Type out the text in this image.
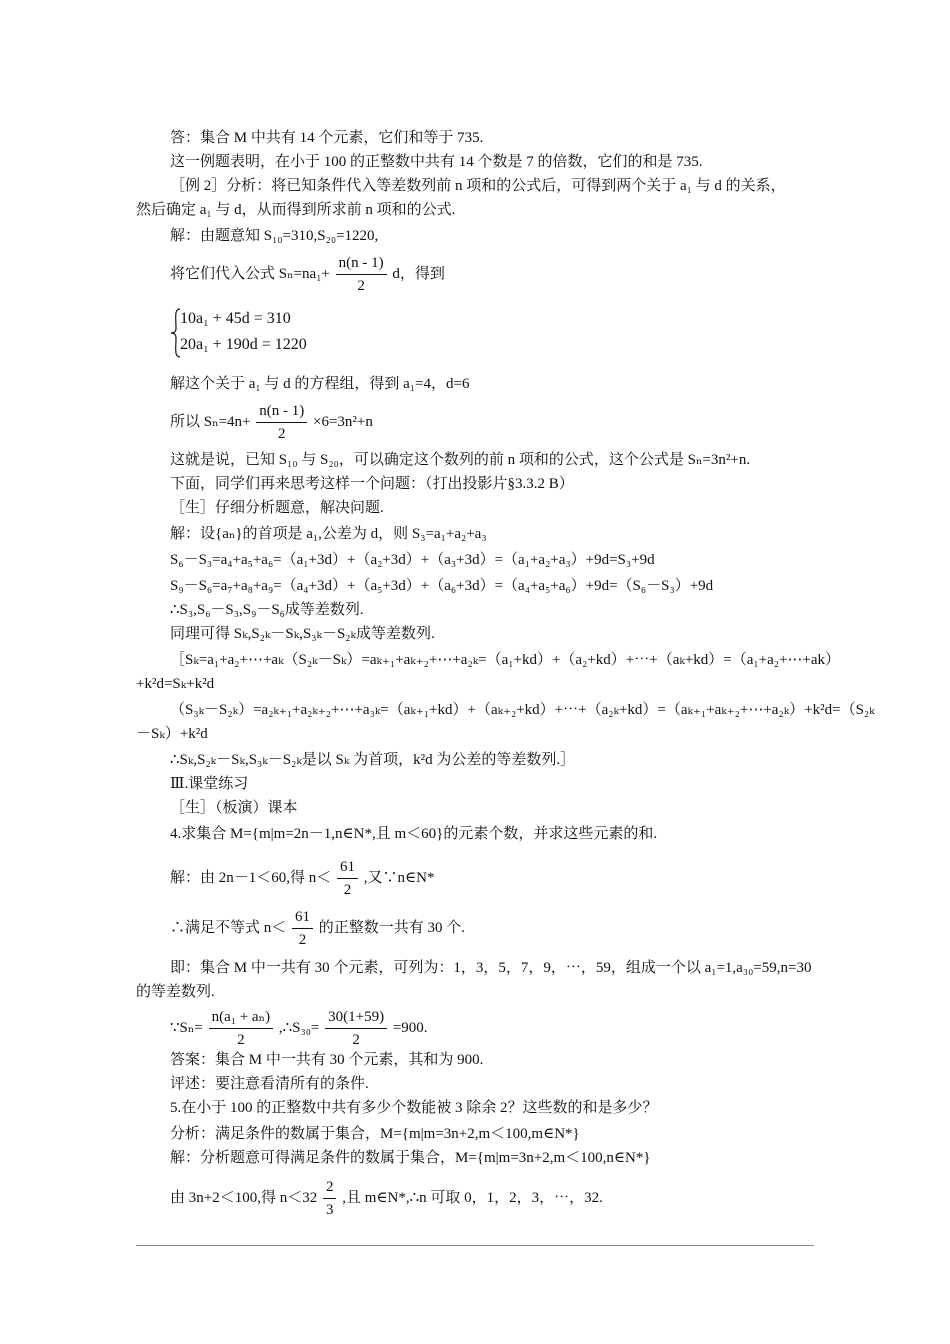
答：集合 M 中共有 14 个元素，它们和等于 735.
这一例题表明，在小于 100 的正整数中共有 14 个数是 7 的倍数，它们的和是 735.
［例 2］分析：将已知条件代入等差数列前 n 项和的公式后，可得到两个关于 a₁ 与 d 的关系，
然后确定 a₁ 与 d，从而得到所求前 n 项和的公式.
解：由题意知 S₁₀=310,S₂₀=1220,
将它们代入公式 $S_n=na_1+ \frac{n(n - 1)}{2}$ d，得到
10a₁ + 45d = 310
20a₁ + 190d = 1220
解这个关于 a₁ 与 d 的方程组，得到 a₁=4，d=6
所以 $S_n=4n+ \frac{n(n - 1)}{2} \times 6=3n^2+n$
这就是说，已知 S₁₀ 与 S₂₀，可以确定这个数列的前 n 项和的公式，这个公式是 Sₙ=3n²+n.
下面，同学们再来思考这样一个问题：（打出投影片§3.3.2 B）
［生］仔细分析题意，解决问题.
解：设{aₙ}的首项是 a₁,公差为 d，则 S₃=a₁+a₂+a₃
S₆－S₃=a₄+a₅+a₆=（a₁+3d）+（a₂+3d）+（a₃+3d）=（a₁+a₂+a₃）+9d=S₃+9d
S₉－S₆=a₇+a₈+a₉=（a₄+3d）+（a₅+3d）+（a₆+3d）=（a₄+a₅+a₆）+9d=（S₆－S₃）+9d
∴S₃,S₆－S₃,S₉－S₆成等差数列.
同理可得 Sₖ,S₂ₖ－Sₖ,S₃ₖ－S₂ₖ成等差数列.
［Sₖ=a₁+a₂+⋯+aₖ（S₂ₖ－Sₖ）=aₖ₊₁+aₖ₊₂+⋯+a₂ₖ=（a₁+kd）+（a₂+kd）+⋯+（aₖ+kd）=（a₁+a₂+⋯+ak）
+k²d=Sₖ+k²d
（S₃ₖ－S₂ₖ）=a₂ₖ₊₁+a₂ₖ₊₂+⋯+a₃ₖ=（aₖ₊₁+kd）+（aₖ₊₂+kd）+⋯+（a₂ₖ+kd）=（aₖ₊₁+aₖ₊₂+⋯+a₂ₖ）+k²d=（S₂ₖ
－Sₖ）+k²d
∴Sₖ,S₂ₖ－Sₖ,S₃ₖ－S₂ₖ是以 Sₖ 为首项，k²d 为公差的等差数列.］
Ⅲ.课堂练习
［生］（板演）课本
4.求集合 M={m|m=2n－1,n∈N*,且 m＜60}的元素个数，并求这些元素的和.
解：由 2n－1＜60,得 $n< \frac{61}{2}$ ,又∵n∈N*
∴满足不等式 $n< \frac{61}{2}$ 的正整数一共有 30 个.
即：集合 M 中一共有 30 个元素，可列为：1，3，5，7，9，⋯，59，组成一个以 a₁=1,a₃₀=59,n=30
的等差数列.
∵Sₙ= $\frac{\text{n(a₁ + aₙ)}}{2}$ ,∴S₃₀= $\frac{30(1+59)}{2} =900$.
答案：集合 M 中一共有 30 个元素，其和为 900.
评述：要注意看清所有的条件.
5.在小于 100 的正整数中共有多少个数能被 3 除余 2？这些数的和是多少？
分析：满足条件的数属于集合，M={m|m=3n+2,m＜100,m∈N*}
解：分析题意可得满足条件的数属于集合，M={m|m=3n+2,m＜100,n∈N*}
由 3n+2＜100,得 $n<32 \frac{2}{3}$ ,且 m∈N*,∴n 可取 0，1，2，3，⋯，32.
